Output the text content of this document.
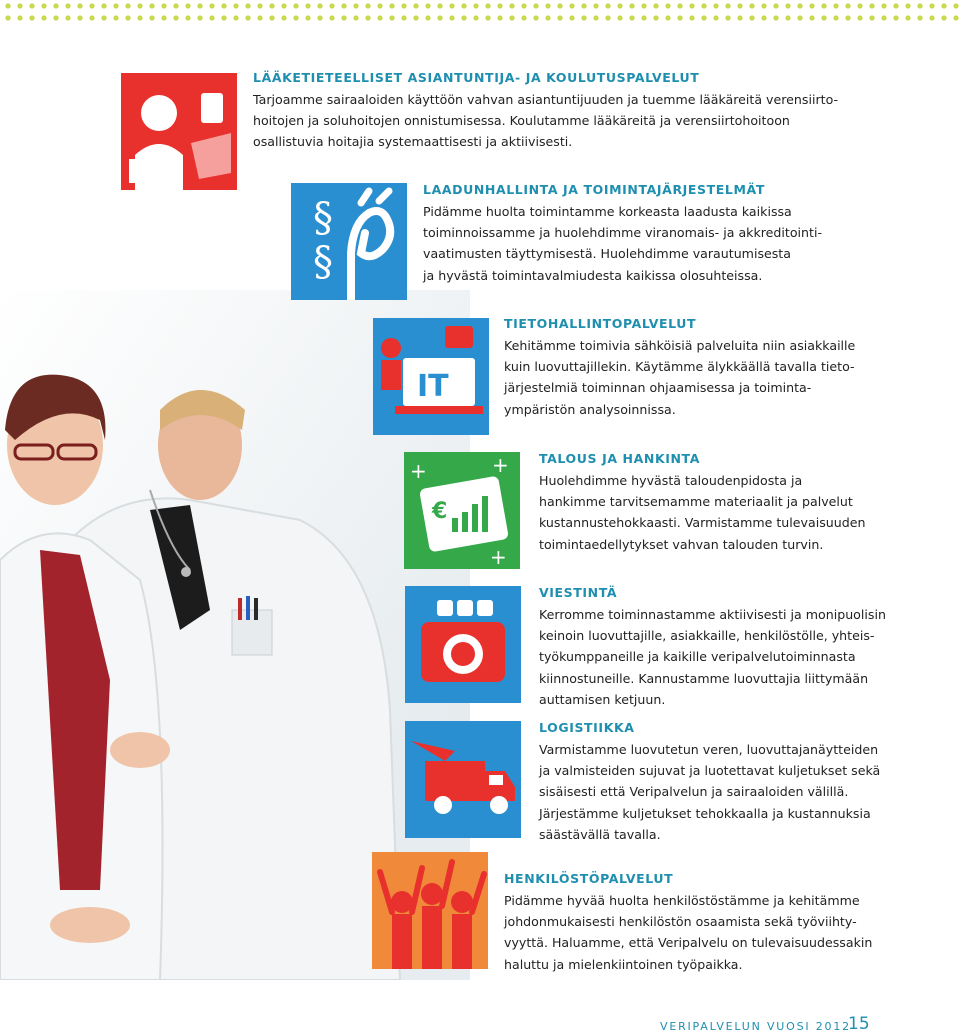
LÄÄKETIETEELLISET ASIANTUNTIJA- JA KOULUTUSPALVELUT

Tarjoamme sairaaloiden käyttöön vahvan asiantuntijuuden ja tuemme lääkäreitä verensiirto-
hoitojen ja soluhoitojen onnistumisessa. Koulutamme lääkäreitä ja verensiirtohoitoon
osallistuvia hoitajia systemaattisesti ja aktiivisesti.

§
§
LAADUNHALLINTA JA TOIMINTAJÄRJESTELMÄT

Pidämme huolta toimintamme korkeasta laadusta kaikissa
toiminnoissamme ja huolehdimme viranomais- ja akkreditointi-
vaatimusten täyttymisestä. Huolehdimme varautumisesta
ja hyvästä toimintavalmiudesta kaikissa olosuhteissa.

IT
TIETOHALLINTOPALVELUT

Kehitämme toimivia sähköisiä palveluita niin asiakkaille
kuin luovuttajillekin. Käytämme älykkäällä tavalla tieto-
järjestelmiä toiminnan ohjaamisessa ja toiminta-
ympäristön analysoinnissa.

€
+	+
+
TALOUS JA HANKINTA

Huolehdimme hyvästä taloudenpidosta ja
hankimme tarvitsemamme materiaalit ja palvelut
kustannustehokkaasti. Varmistamme tulevaisuuden
toimintaedellytykset vahvan talouden turvin.

VIESTINTÄ

Kerromme toiminnastamme aktiivisesti ja monipuolisin
keinoin luovuttajille, asiakkaille, henkilöstölle, yhteis-
työkumppaneille ja kaikille veripalvelutoiminnasta
kiinnostuneille. Kannustamme luovuttajia liittymään
auttamisen ketjuun.

LOGISTIIKKA

Varmistamme luovutetun veren, luovuttajanäytteiden
ja valmisteiden sujuvat ja luotettavat kuljetukset sekä
sisäisesti että Veripalvelun ja sairaaloiden välillä.
Järjestämme kuljetukset tehokkaalla ja kustannuksia
säästävällä tavalla.

HENKILÖSTÖPALVELUT

Pidämme hyvää huolta henkilöstöstämme ja kehitämme
johdonmukaisesti henkilöstön osaamista sekä työviihty-
vyyttä. Haluamme, että Veripalvelu on tulevaisuudessakin
haluttu ja mielenkiintoinen työpaikka.

VERIPALVELUN VUOSI 2012
15
